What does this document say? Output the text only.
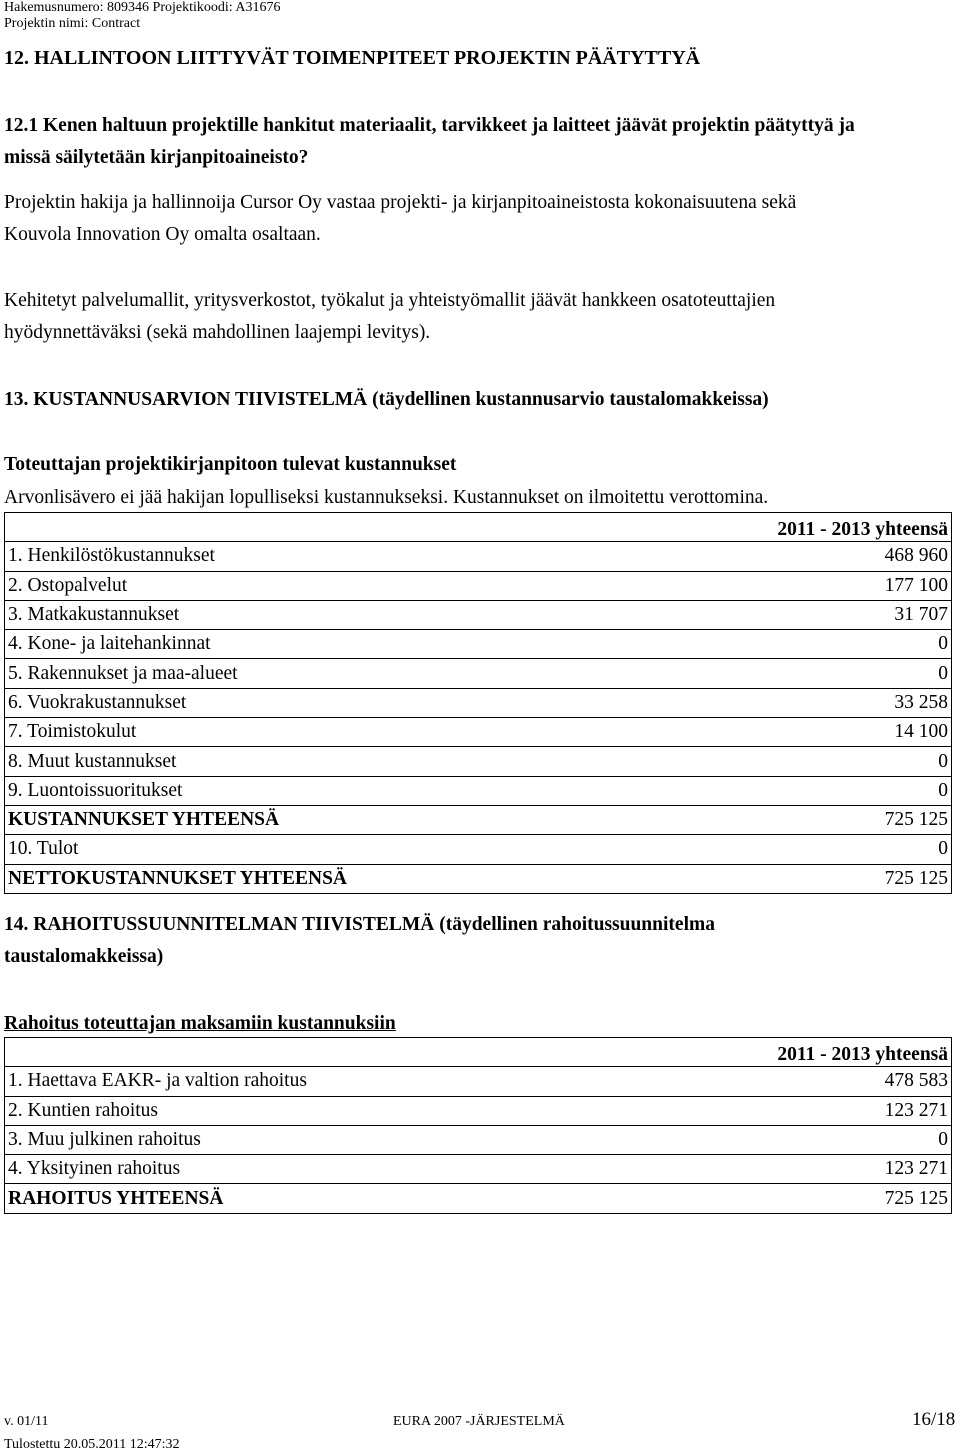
Hakemusnumero: 809346 Projektikoodi: A31676
Projektin nimi: Contract
12. HALLINTOON LIITTYVÄT TOIMENPITEET PROJEKTIN PÄÄTYTTYÄ
12.1 Kenen haltuun projektille hankitut materiaalit, tarvikkeet ja laitteet jäävät projektin päätyttyä ja
missä säilytetään kirjanpitoaineisto?
Projektin hakija ja hallinnoija Cursor Oy vastaa projekti- ja kirjanpitoaineistosta kokonaisuutena sekä
Kouvola Innovation Oy omalta osaltaan.
Kehitetyt palvelumallit, yritysverkostot, työkalut ja yhteistyömallit jäävät hankkeen osatoteuttajien
hyödynnettäväksi (sekä mahdollinen laajempi levitys).
13. KUSTANNUSARVION TIIVISTELMÄ (täydellinen kustannusarvio taustalomakkeissa)
Toteuttajan projektikirjanpitoon tulevat kustannukset
Arvonlisävero ei jää hakijan lopulliseksi kustannukseksi. Kustannukset on ilmoitettu verottomina.
	2011 - 2013 yhteensä
1. Henkilöstökustannukset	468 960
2. Ostopalvelut	177 100
3. Matkakustannukset	31 707
4. Kone- ja laitehankinnat	0
5. Rakennukset ja maa-alueet	0
6. Vuokrakustannukset	33 258
7. Toimistokulut	14 100
8. Muut kustannukset	0
9. Luontoissuoritukset	0
KUSTANNUKSET YHTEENSÄ	725 125
10. Tulot	0
NETTOKUSTANNUKSET YHTEENSÄ	725 125
14. RAHOITUSSUUNNITELMAN TIIVISTELMÄ (täydellinen rahoitussuunnitelma
taustalomakkeissa)
Rahoitus toteuttajan maksamiin kustannuksiin
	2011 - 2013 yhteensä
1. Haettava EAKR- ja valtion rahoitus	478 583
2. Kuntien rahoitus	123 271
3. Muu julkinen rahoitus	0
4. Yksityinen rahoitus	123 271
RAHOITUS YHTEENSÄ	725 125
v. 01/11	EURA 2007 -JÄRJESTELMÄ	16/18
Tulostettu 20.05.2011 12:47:32
